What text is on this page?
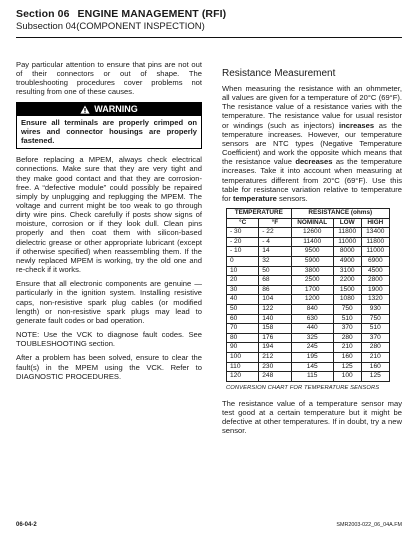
Section 06 ENGINE MANAGEMENT (RFI)
Subsection 04(COMPONENT INSPECTION)

Pay particular attention to ensure that pins are not out of their connectors or out of shape. The troubleshooting procedures cover problems not resulting from one of these causes.

WARNING
Ensure all terminals are properly crimped on wires and connector housings are properly fastened.

Before replacing a MPEM, always check electrical connections. Make sure that they are very tight and they make good contact and that they are corrosion-free. A “defective module” could possibly be repaired simply by unplugging and replugging the MPEM. The voltage and current might be too weak to go through dirty wire pins. Check carefully if posts show signs of moisture, corrosion or if they look dull. Clean pins properly and then coat them with silicon-based dielectric grease or other appropriate lubricant (except if otherwise specified) when reassembling them. If the newly replaced MPEM is working, try the old one and re-check if it works.

Ensure that all electronic components are genuine — particularly in the ignition system. Installing resistive caps, non-resistive spark plug cables (or modified length) or non-resistive spark plugs may lead to generate fault codes or bad operation.

NOTE: Use the VCK to diagnose fault codes. See TOUBLESHOOTING section.

After a problem has been solved, ensure to clear the fault(s) in the MPEM using the VCK. Refer to DIAGNOSTIC PROCEDURES.

Resistance Measurement

When measuring the resistance with an ohmmeter, all values are given for a temperature of 20°C (69°F). The resistance value of a resistance varies with the temperature. The resistance value for usual resistor or windings (such as injectors) increases as the temperature increases. However, our temperature sensors are NTC types (Negative Temperature Coefficient) and work the opposite which means that the resistance value decreases as the temperature increases. Take it into account when measuring at temperatures different from 20°C (69°F). Use this table for resistance variation relative to temperature for temperature sensors.

TEMPERATURE		RESISTANCE (ohms)		
°C	°F	NOMINAL	LOW	HIGH
- 30	- 22	12600	11800	13400
- 20	- 4	11400	11000	11800
- 10	14	9500	8000	11000
0	32	5900	4900	6900
10	50	3800	3100	4500
20	68	2500	2200	2800
30	86	1700	1500	1900
40	104	1200	1080	1320
50	122	840	750	930
60	140	630	510	750
70	158	440	370	510
80	176	325	280	370
90	194	245	210	280
100	212	195	160	210
110	230	145	125	160
120	248	115	100	125
CONVERSION CHART FOR TEMPERATURE SENSORS

The resistance value of a temperature sensor may test good at a certain temperature but it might be defective at other temperatures. If in doubt, try a new sensor.

06-04-2	SMR2003-022_06_04A.FM
